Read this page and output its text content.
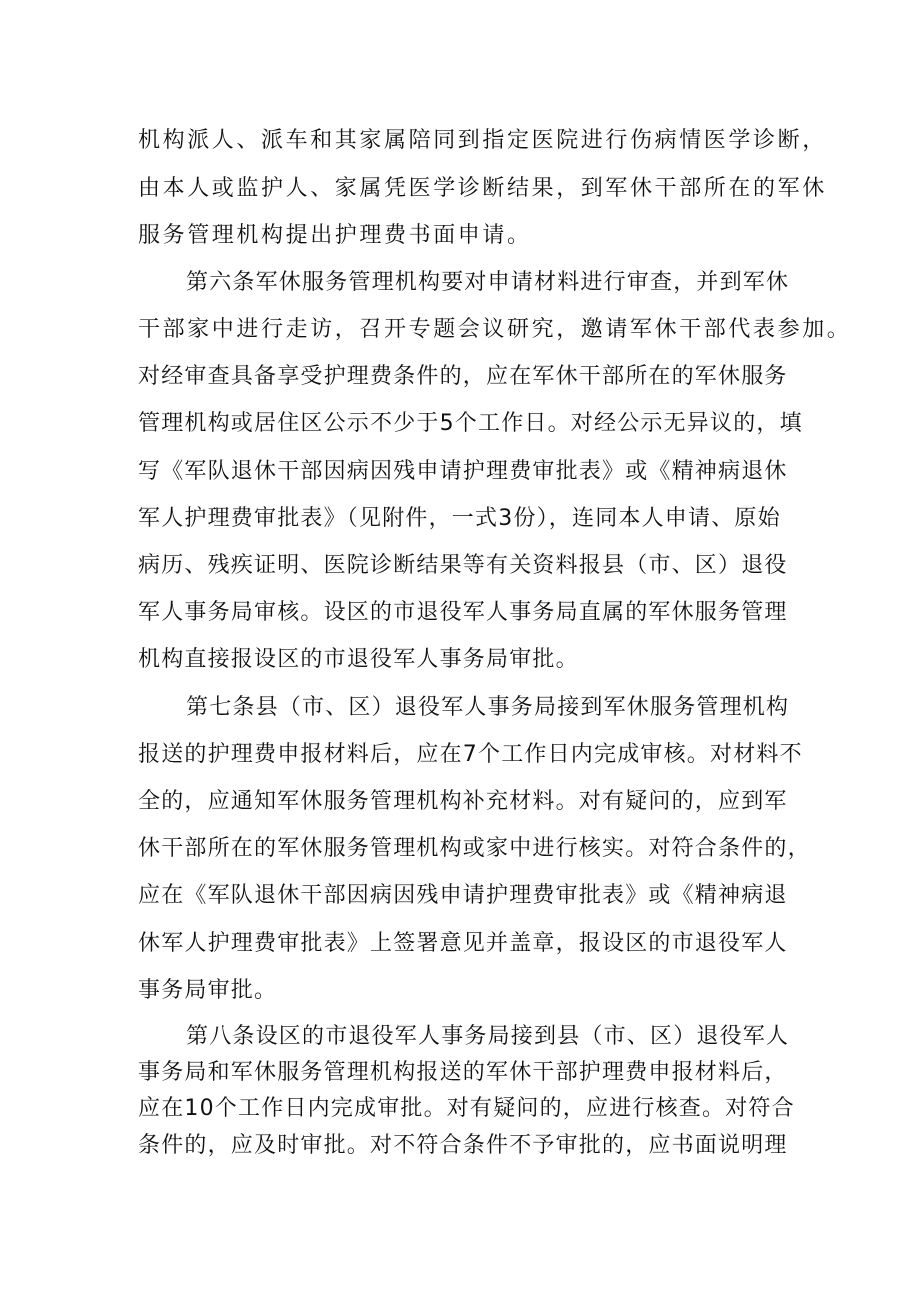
机构派人、派车和其家属陪同到指定医院进行伤病情医学诊断，
由本人或监护人、家属凭医学诊断结果，到军休干部所在的军休
服务管理机构提出护理费书面申请。
第六条军休服务管理机构要对申请材料进行审查，并到军休
干部家中进行走访，召开专题会议研究，邀请军休干部代表参加。
对经审查具备享受护理费条件的，应在军休干部所在的军休服务
管理机构或居住区公示不少于5个工作日。对经公示无异议的，填
写《军队退休干部因病因残申请护理费审批表》或《精神病退休
军人护理费审批表》（见附件，一式3份），连同本人申请、原始
病历、残疾证明、医院诊断结果等有关资料报县（市、区）退役
军人事务局审核。设区的市退役军人事务局直属的军休服务管理
机构直接报设区的市退役军人事务局审批。
第七条县（市、区）退役军人事务局接到军休服务管理机构
报送的护理费申报材料后，应在7个工作日内完成审核。对材料不
全的，应通知军休服务管理机构补充材料。对有疑问的，应到军
休干部所在的军休服务管理机构或家中进行核实。对符合条件的，
应在《军队退休干部因病因残申请护理费审批表》或《精神病退
休军人护理费审批表》上签署意见并盖章，报设区的市退役军人
事务局审批。
第八条设区的市退役军人事务局接到县（市、区）退役军人
事务局和军休服务管理机构报送的军休干部护理费申报材料后，
应在10个工作日内完成审批。对有疑问的，应进行核查。对符合
条件的，应及时审批。对不符合条件不予审批的，应书面说明理
